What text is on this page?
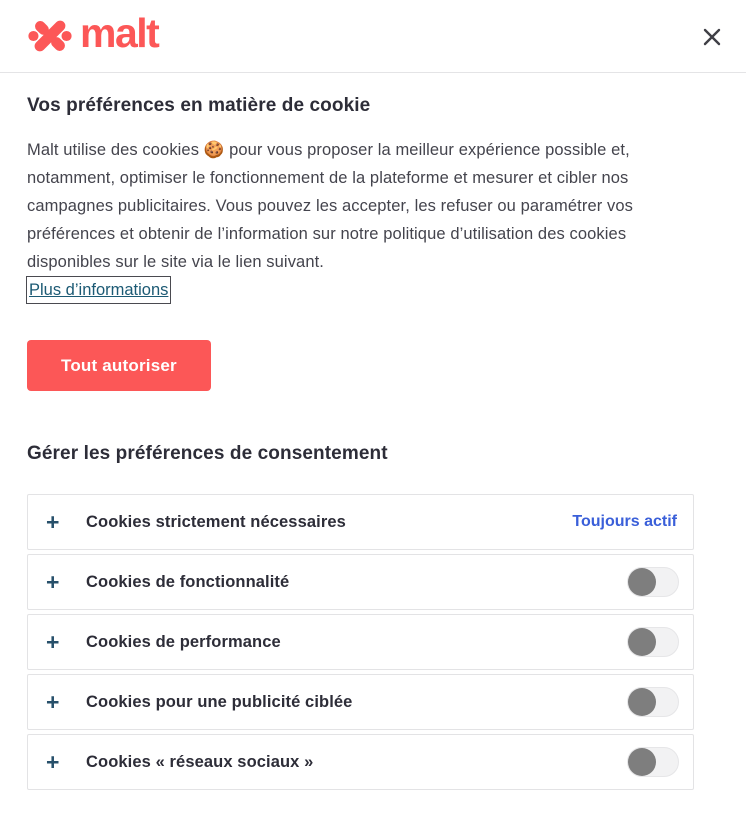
malt
Vos préférences en matière de cookie

Malt utilise des cookies 🍪 pour vous proposer la meilleur expérience possible et, notamment, optimiser le fonctionnement de la plateforme et mesurer et cibler nos campagnes publicitaires. Vous pouvez les accepter, les refuser ou paramétrer vos préférences et obtenir de l’information sur notre politique d’utilisation des cookies disponibles sur le site via le lien suivant.

Plus d’informations
Tout autoriser
Gérer les préférences de consentement
+	Cookies strictement nécessaires	Toujours actif
+	Cookies de fonctionnalité
+	Cookies de performance
+	Cookies pour une publicité ciblée
+	Cookies « réseaux sociaux »
